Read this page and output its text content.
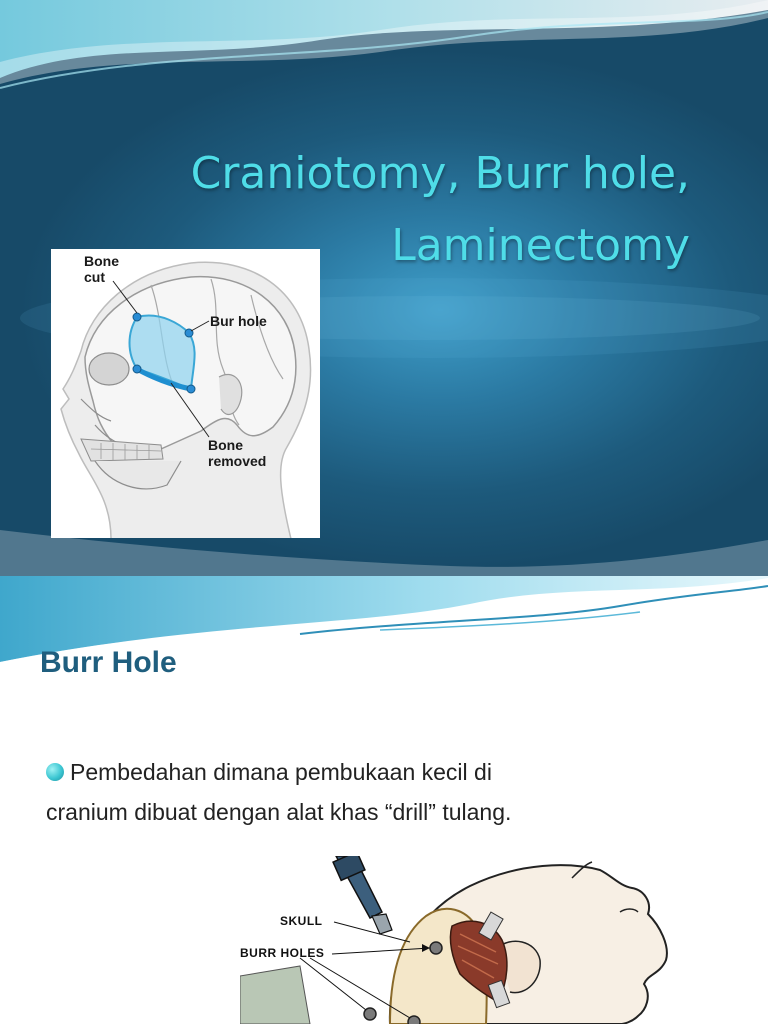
Craniotomy, Burr hole,
Laminectomy
Bone
cut
Bur hole
Bone
removed
Burr Hole
Pembedahan dimana pembukaan kecil di
cranium dibuat dengan alat khas “drill” tulang.
SKULL
BURR HOLES
